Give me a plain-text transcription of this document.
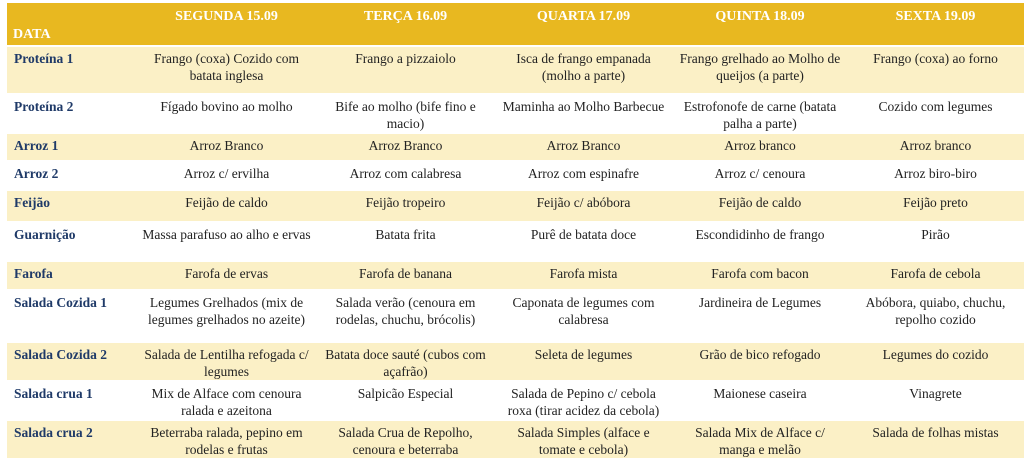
DATA	SEGUNDA 15.09	TERÇA 16.09	QUARTA 17.09	QUINTA 18.09	SEXTA 19.09

Proteína 1	Frango (coxa) Cozido com batata inglesa	Frango a pizzaiolo	Isca de frango empanada (molho a parte)	Frango grelhado ao Molho de queijos (a parte)	Frango (coxa) ao forno
Proteína 2	Fígado bovino ao molho	Bife ao molho (bife fino e macio)	Maminha ao Molho Barbecue	Estrofonofe de carne (batata palha a parte)	Cozido com legumes
Arroz 1	Arroz Branco	Arroz Branco	Arroz Branco	Arroz branco	Arroz branco
Arroz 2	Arroz c/ ervilha	Arroz com calabresa	Arroz com espinafre	Arroz c/ cenoura	Arroz biro-biro
Feijão	Feijão de caldo	Feijão tropeiro	Feijão c/ abóbora	Feijão de caldo	Feijão preto
Guarnição	Massa parafuso ao alho e ervas	Batata frita	Purê de batata doce	Escondidinho de frango	Pirão
Farofa	Farofa de ervas	Farofa de banana	Farofa mista	Farofa com bacon	Farofa de cebola
Salada Cozida 1	Legumes Grelhados (mix de legumes grelhados no azeite)	Salada verão (cenoura em rodelas, chuchu, brócolis)	Caponata de legumes com calabresa	Jardineira de Legumes	Abóbora, quiabo, chuchu, repolho cozido
Salada Cozida 2	Salada de Lentilha refogada c/ legumes	Batata doce sauté (cubos com açafrão)	Seleta de legumes	Grão de bico refogado	Legumes do cozido
Salada crua 1	Mix de Alface com cenoura ralada e azeitona	Salpicão Especial	Salada de Pepino c/ cebola roxa (tirar acidez da cebola)	Maionese caseira	Vinagrete
Salada crua 2	Beterraba ralada, pepino em rodelas e frutas	Salada Crua de Repolho, cenoura e beterraba	Salada Simples (alface e tomate e cebola)	Salada Mix de Alface c/ manga e melão	Salada de folhas mistas
